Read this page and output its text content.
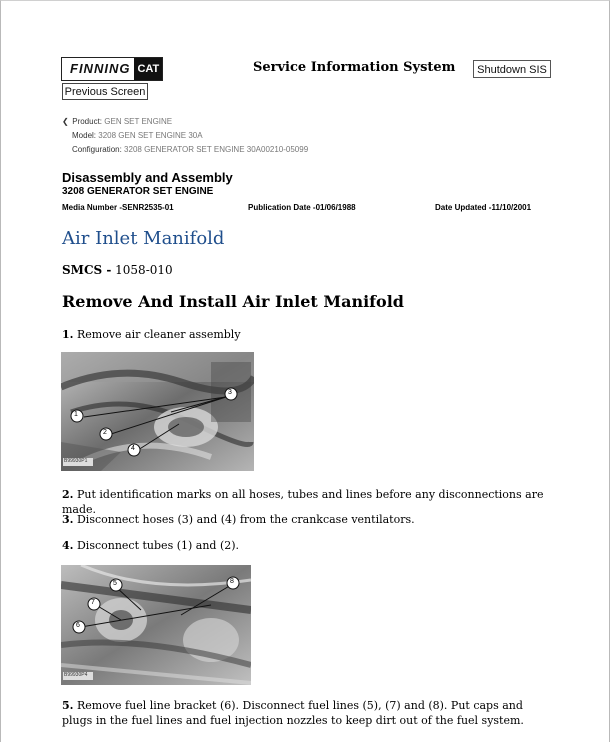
FINNING CAT
Previous Screen
Service Information System	Shutdown SIS
❮ Product: GEN SET ENGINE
Model: 3208 GEN SET ENGINE 30A
Configuration: 3208 GENERATOR SET ENGINE 30A00210-05099
Disassembly and Assembly
3208 GENERATOR SET ENGINE
Media Number -SENR2535-01	Publication Date -01/06/1988	Date Updated -11/10/2001
Air Inlet Manifold
SMCS - 1058-010
Remove And Install Air Inlet Manifold
1. Remove air cleaner assembly
1
2
3
4
B99930P1
2. Put identification marks on all hoses, tubes and lines before any disconnections are made.
3. Disconnect hoses (3) and (4) from the crankcase ventilators.
4. Disconnect tubes (1) and (2).
5
7
6
8
B99930P4
5. Remove fuel line bracket (6). Disconnect fuel lines (5), (7) and (8). Put caps and plugs in the fuel lines and fuel injection nozzles to keep dirt out of the fuel system.
